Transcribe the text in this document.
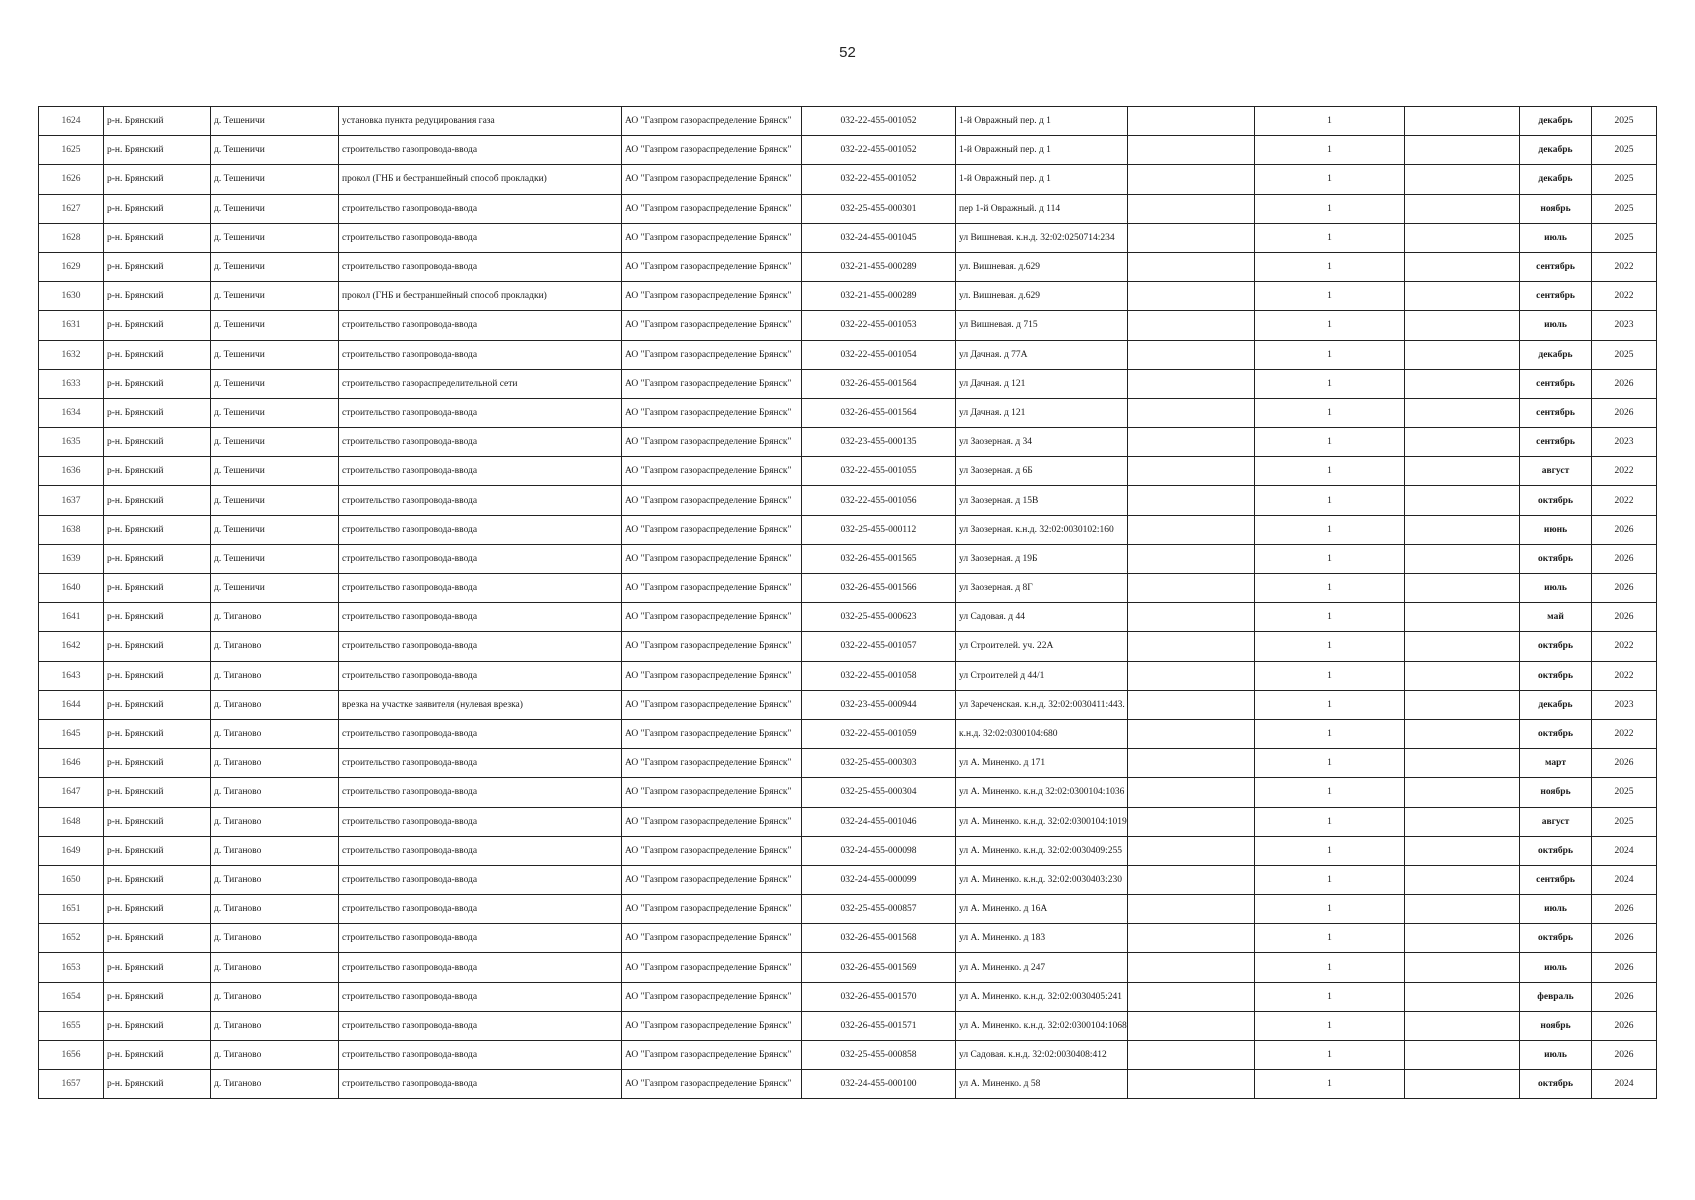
52
1624	р-н. Брянский	д. Тешеничи	установка пункта редуцирования газа	АО "Газпром газораспределение Брянск"	032-22-455-001052	1-й Овражный пер. д 1		1		декабрь	2025
1625	р-н. Брянский	д. Тешеничи	строительство газопровода-ввода	АО "Газпром газораспределение Брянск"	032-22-455-001052	1-й Овражный пер. д 1		1		декабрь	2025
1626	р-н. Брянский	д. Тешеничи	прокол (ГНБ и бестраншейный способ прокладки)	АО "Газпром газораспределение Брянск"	032-22-455-001052	1-й Овражный пер. д 1		1		декабрь	2025
1627	р-н. Брянский	д. Тешеничи	строительство газопровода-ввода	АО "Газпром газораспределение Брянск"	032-25-455-000301	пер 1-й Овражный. д 114		1		ноябрь	2025
1628	р-н. Брянский	д. Тешеничи	строительство газопровода-ввода	АО "Газпром газораспределение Брянск"	032-24-455-001045	ул Вишневая. к.н.д. 32:02:0250714:234		1		июль	2025
1629	р-н. Брянский	д. Тешеничи	строительство газопровода-ввода	АО "Газпром газораспределение Брянск"	032-21-455-000289	ул. Вишневая. д.629		1		сентябрь	2022
1630	р-н. Брянский	д. Тешеничи	прокол (ГНБ и бестраншейный способ прокладки)	АО "Газпром газораспределение Брянск"	032-21-455-000289	ул. Вишневая. д.629		1		сентябрь	2022
1631	р-н. Брянский	д. Тешеничи	строительство газопровода-ввода	АО "Газпром газораспределение Брянск"	032-22-455-001053	ул Вишневая. д 715		1		июль	2023
1632	р-н. Брянский	д. Тешеничи	строительство газопровода-ввода	АО "Газпром газораспределение Брянск"	032-22-455-001054	ул Дачная. д 77А		1		декабрь	2025
1633	р-н. Брянский	д. Тешеничи	строительство газораспределительной сети	АО "Газпром газораспределение Брянск"	032-26-455-001564	ул Дачная. д 121		1		сентябрь	2026
1634	р-н. Брянский	д. Тешеничи	строительство газопровода-ввода	АО "Газпром газораспределение Брянск"	032-26-455-001564	ул Дачная. д 121		1		сентябрь	2026
1635	р-н. Брянский	д. Тешеничи	строительство газопровода-ввода	АО "Газпром газораспределение Брянск"	032-23-455-000135	ул Заозерная. д 34		1		сентябрь	2023
1636	р-н. Брянский	д. Тешеничи	строительство газопровода-ввода	АО "Газпром газораспределение Брянск"	032-22-455-001055	ул Заозерная. д 6Б		1		август	2022
1637	р-н. Брянский	д. Тешеничи	строительство газопровода-ввода	АО "Газпром газораспределение Брянск"	032-22-455-001056	ул Заозерная. д 15В		1		октябрь	2022
1638	р-н. Брянский	д. Тешеничи	строительство газопровода-ввода	АО "Газпром газораспределение Брянск"	032-25-455-000112	ул Заозерная. к.н.д. 32:02:0030102:160		1		июнь	2026
1639	р-н. Брянский	д. Тешеничи	строительство газопровода-ввода	АО "Газпром газораспределение Брянск"	032-26-455-001565	ул Заозерная. д 19Б		1		октябрь	2026
1640	р-н. Брянский	д. Тешеничи	строительство газопровода-ввода	АО "Газпром газораспределение Брянск"	032-26-455-001566	ул Заозерная. д 8Г		1		июль	2026
1641	р-н. Брянский	д. Тиганово	строительство газопровода-ввода	АО "Газпром газораспределение Брянск"	032-25-455-000623	ул Садовая. д 44		1		май	2026
1642	р-н. Брянский	д. Тиганово	строительство газопровода-ввода	АО "Газпром газораспределение Брянск"	032-22-455-001057	ул Строителей. уч. 22А		1		октябрь	2022
1643	р-н. Брянский	д. Тиганово	строительство газопровода-ввода	АО "Газпром газораспределение Брянск"	032-22-455-001058	ул Строителей д 44/1		1		октябрь	2022
1644	р-н. Брянский	д. Тиганово	врезка на участке заявителя (нулевая врезка)	АО "Газпром газораспределение Брянск"	032-23-455-000944	ул Зареченская. к.н.д. 32:02:0030411:443.		1		декабрь	2023
1645	р-н. Брянский	д. Тиганово	строительство газопровода-ввода	АО "Газпром газораспределение Брянск"	032-22-455-001059	к.н.д. 32:02:0300104:680		1		октябрь	2022
1646	р-н. Брянский	д. Тиганово	строительство газопровода-ввода	АО "Газпром газораспределение Брянск"	032-25-455-000303	ул А. Миненко. д 171		1		март	2026
1647	р-н. Брянский	д. Тиганово	строительство газопровода-ввода	АО "Газпром газораспределение Брянск"	032-25-455-000304	ул А. Миненко. к.н.д 32:02:0300104:1036		1		ноябрь	2025
1648	р-н. Брянский	д. Тиганово	строительство газопровода-ввода	АО "Газпром газораспределение Брянск"	032-24-455-001046	ул А. Миненко. к.н.д. 32:02:0300104:1019		1		август	2025
1649	р-н. Брянский	д. Тиганово	строительство газопровода-ввода	АО "Газпром газораспределение Брянск"	032-24-455-000098	ул А. Миненко. к.н.д. 32:02:0030409:255		1		октябрь	2024
1650	р-н. Брянский	д. Тиганово	строительство газопровода-ввода	АО "Газпром газораспределение Брянск"	032-24-455-000099	ул А. Миненко. к.н.д. 32:02:0030403:230		1		сентябрь	2024
1651	р-н. Брянский	д. Тиганово	строительство газопровода-ввода	АО "Газпром газораспределение Брянск"	032-25-455-000857	ул А. Миненко. д 16А		1		июль	2026
1652	р-н. Брянский	д. Тиганово	строительство газопровода-ввода	АО "Газпром газораспределение Брянск"	032-26-455-001568	ул А. Миненко. д 183		1		октябрь	2026
1653	р-н. Брянский	д. Тиганово	строительство газопровода-ввода	АО "Газпром газораспределение Брянск"	032-26-455-001569	ул А. Миненко. д 247		1		июль	2026
1654	р-н. Брянский	д. Тиганово	строительство газопровода-ввода	АО "Газпром газораспределение Брянск"	032-26-455-001570	ул А. Миненко. к.н.д. 32:02:0030405:241		1		февраль	2026
1655	р-н. Брянский	д. Тиганово	строительство газопровода-ввода	АО "Газпром газораспределение Брянск"	032-26-455-001571	ул А. Миненко. к.н.д. 32:02:0300104:1068		1		ноябрь	2026
1656	р-н. Брянский	д. Тиганово	строительство газопровода-ввода	АО "Газпром газораспределение Брянск"	032-25-455-000858	ул Садовая. к.н.д. 32:02:0030408:412		1		июль	2026
1657	р-н. Брянский	д. Тиганово	строительство газопровода-ввода	АО "Газпром газораспределение Брянск"	032-24-455-000100	ул А. Миненко. д 58		1		октябрь	2024
